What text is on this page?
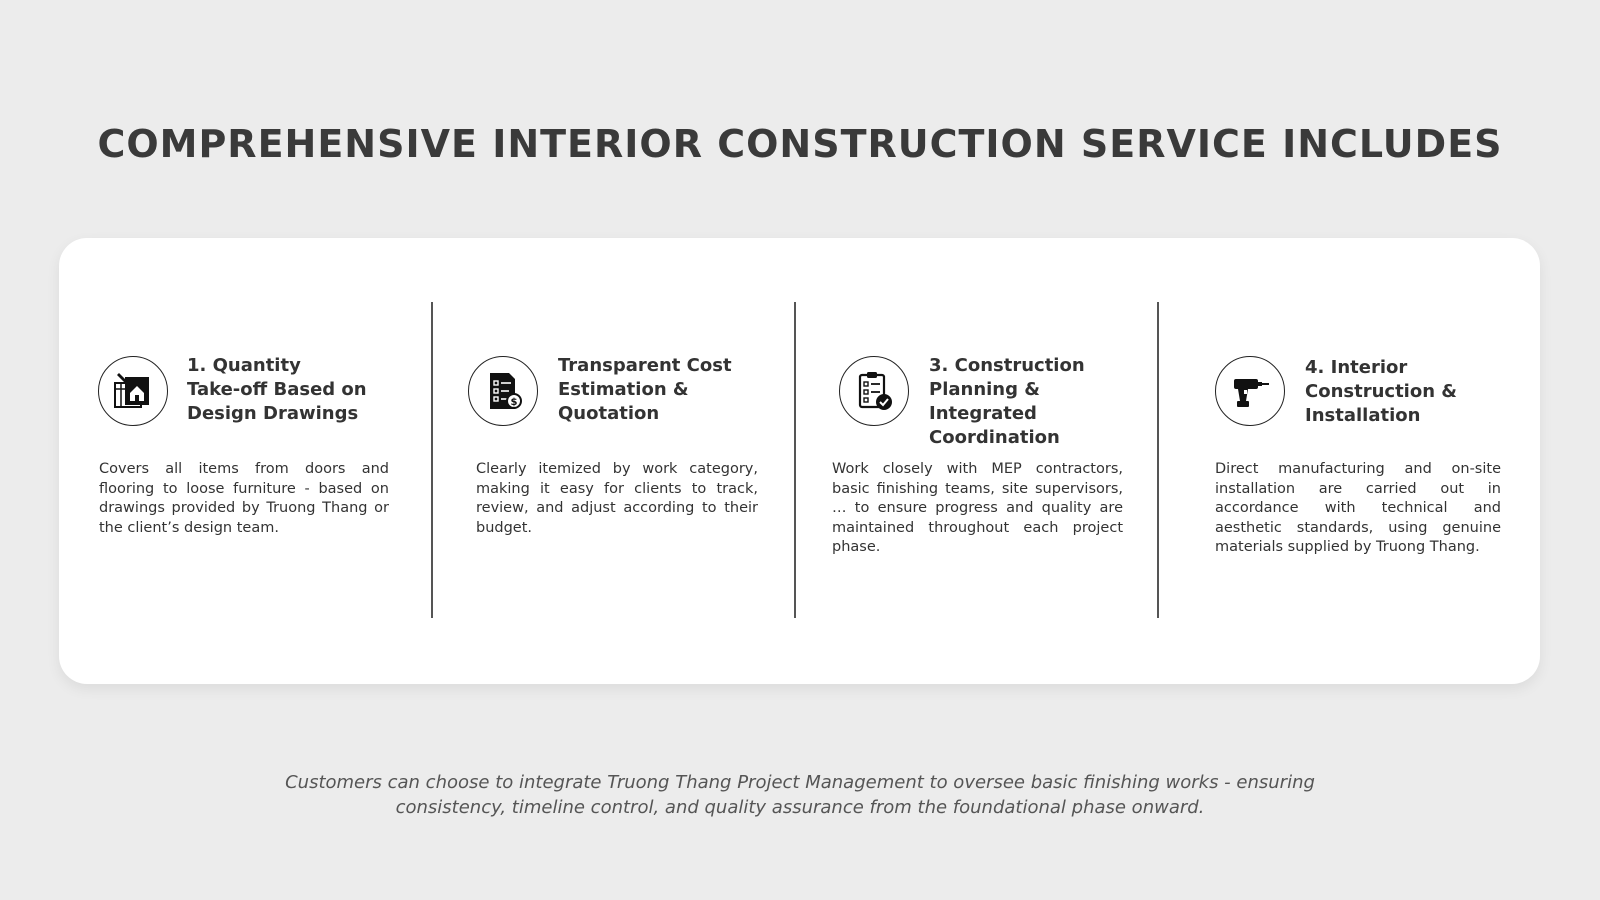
COMPREHENSIVE INTERIOR CONSTRUCTION SERVICE INCLUDES
1. Quantity
Take-off Based on
Design Drawings

Covers all items from doors and flooring to loose furniture - based on drawings provided by Truong Thang or the client’s design team.

$
Transparent Cost
Estimation &
Quotation

Clearly itemized by work category, making it easy for clients to track, review, and adjust according to their budget.

3. Construction
Planning &
Integrated
Coordination

Work closely with MEP contractors, basic finishing teams, site supervisors, … to ensure progress and quality are maintained throughout each project phase.

4. Interior
Construction &
Installation

Direct manufacturing and on-site installation are carried out in accordance with technical and aesthetic standards, using genuine materials supplied by Truong Thang.

Customers can choose to integrate Truong Thang Project Management to oversee basic finishing works - ensuring
consistency, timeline control, and quality assurance from the foundational phase onward.
